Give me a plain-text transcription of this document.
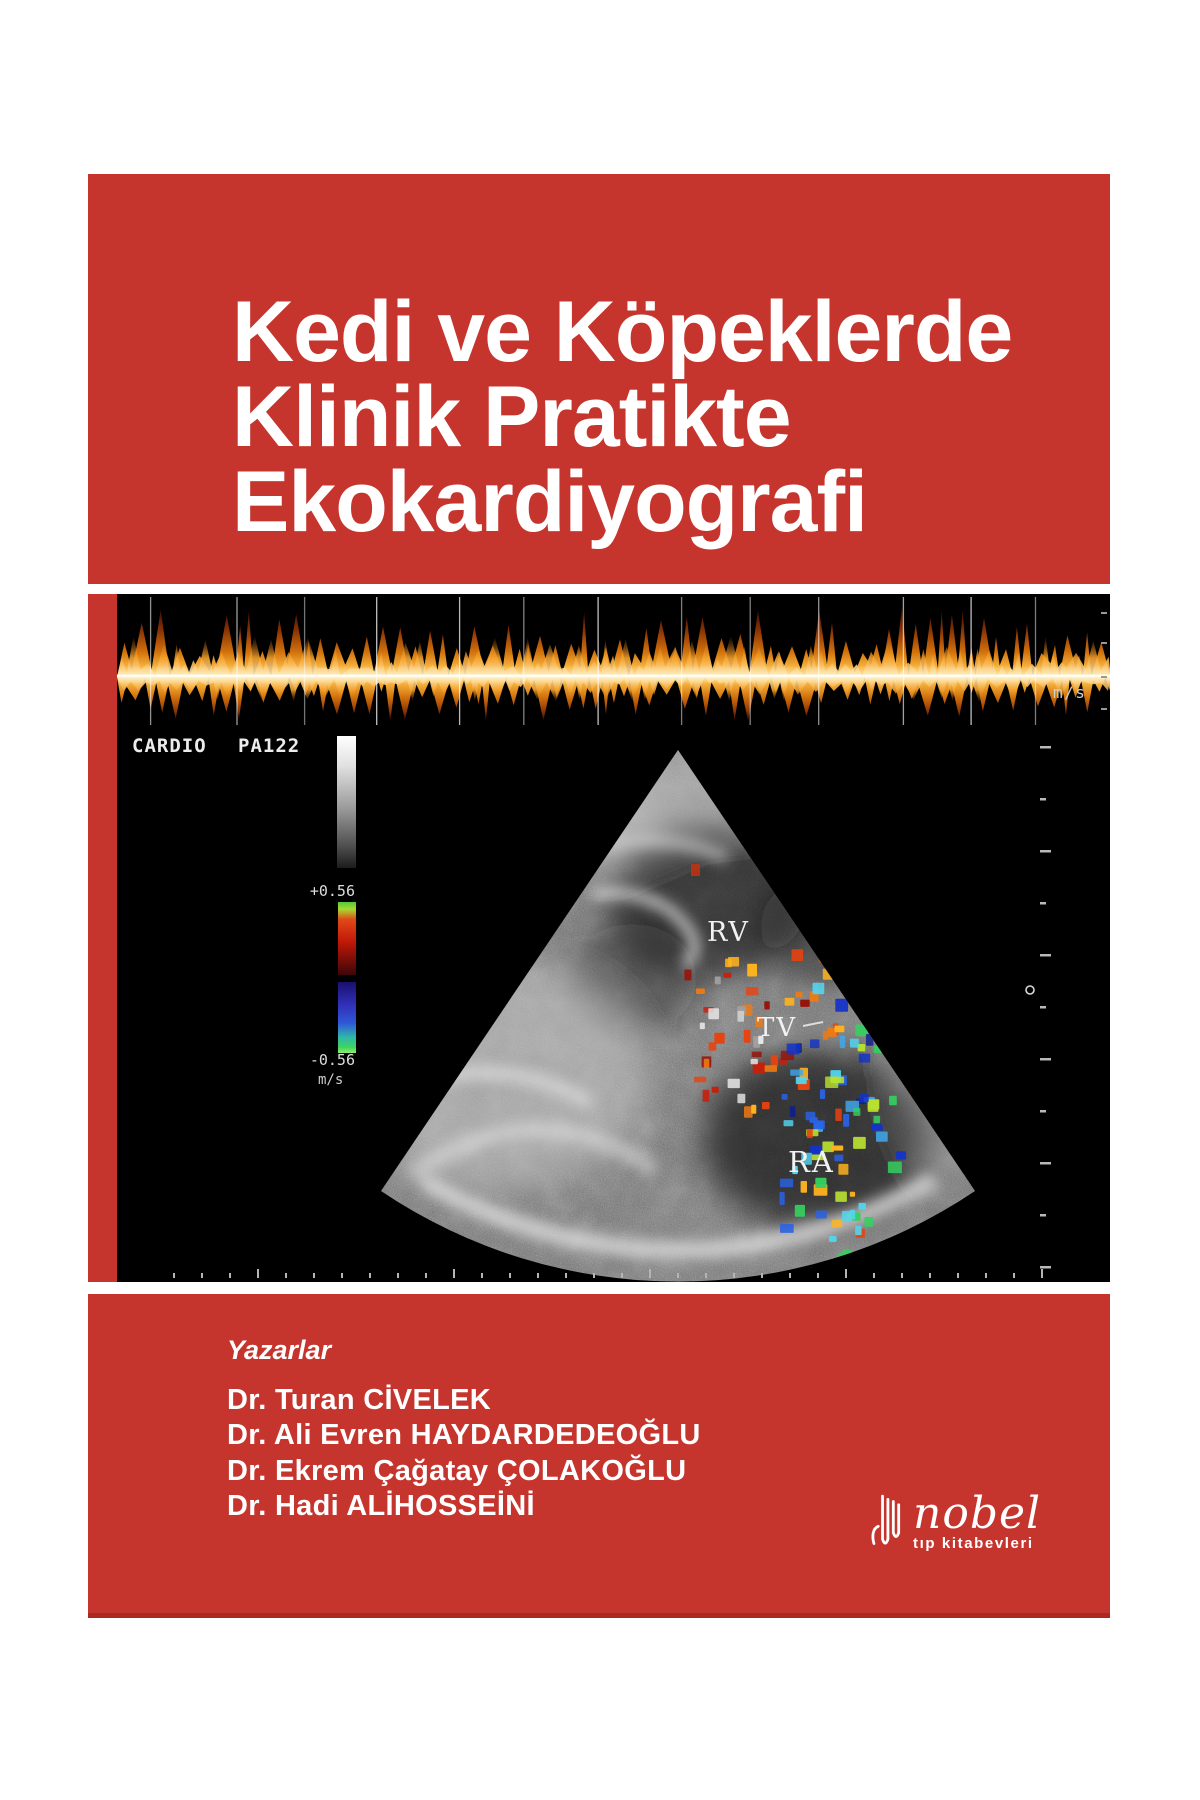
Kedi ve Köpeklerde
Klinik Pratikte
Ekokardiyografi
m/s
CARDIO PA122
+0.56
-0.56
m/s
RV
TV
RA
Yazarlar
Dr. Turan CİVELEK
Dr. Ali Evren HAYDARDEDEOĞLU
Dr. Ekrem Çağatay ÇOLAKOĞLU
Dr. Hadi ALİHOSSEİNİ	nobel
tıp kitabevleri
